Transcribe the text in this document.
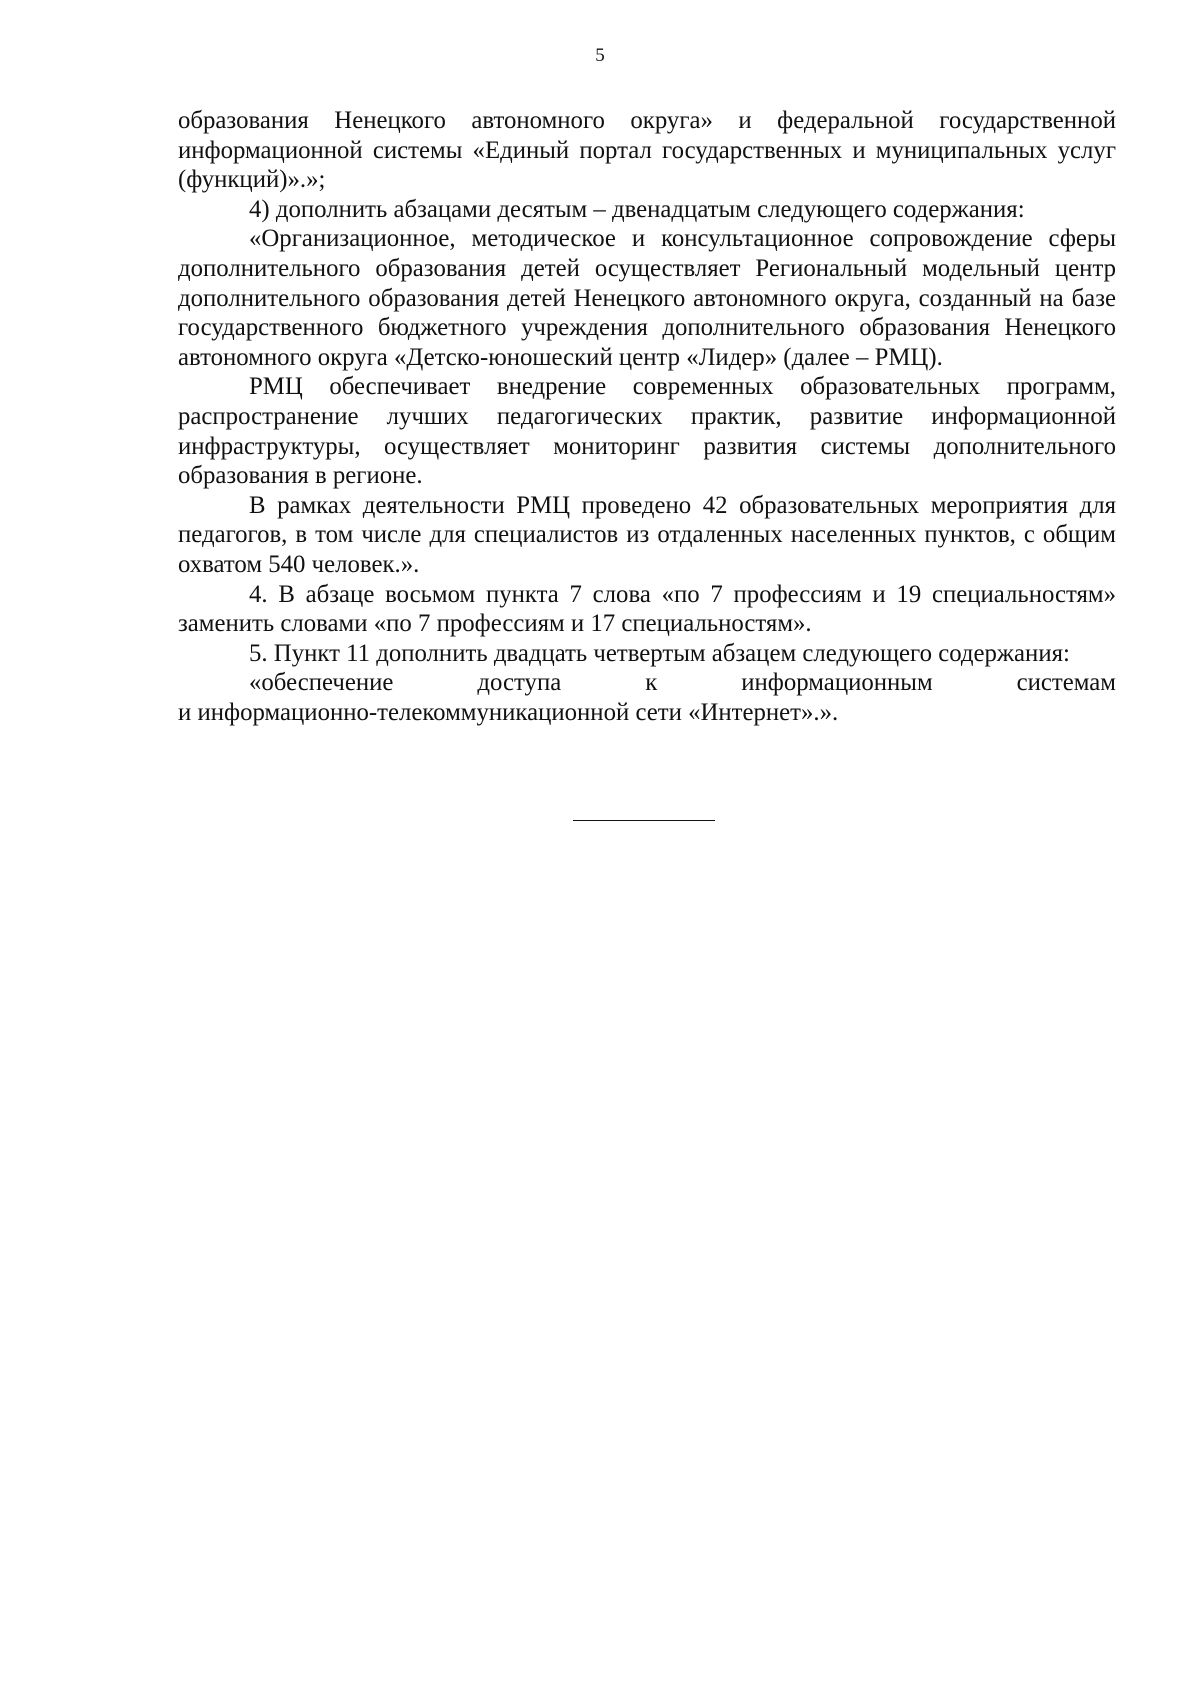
5

образования Ненецкого автономного округа» и федеральной государственной информационной системы «Единый портал государственных и муниципальных услуг (функций)».»;

4) дополнить абзацами десятым – двенадцатым следующего содержания:

«Организационное, методическое и консультационное сопровождение сферы дополнительного образования детей осуществляет Региональный модельный центр дополнительного образования детей Ненецкого автономного округа, созданный на базе государственного бюджетного учреждения дополнительного образования Ненецкого автономного округа «Детско-юношеский центр «Лидер» (далее – РМЦ).

РМЦ обеспечивает внедрение современных образовательных программ, распространение лучших педагогических практик, развитие информационной инфраструктуры, осуществляет мониторинг развития системы дополнительного образования в регионе.

В рамках деятельности РМЦ проведено 42 образовательных мероприятия для педагогов, в том числе для специалистов из отдаленных населенных пунктов, с общим охватом 540 человек.».

4. В абзаце восьмом пункта 7 слова «по 7 профессиям и 19 специальностям» заменить словами «по 7 профессиям и 17 специальностям».

5. Пункт 11 дополнить двадцать четвертым абзацем следующего содержания:

«обеспечение доступа к информационным системам

и информационно-телекоммуникационной сети «Интернет».».
